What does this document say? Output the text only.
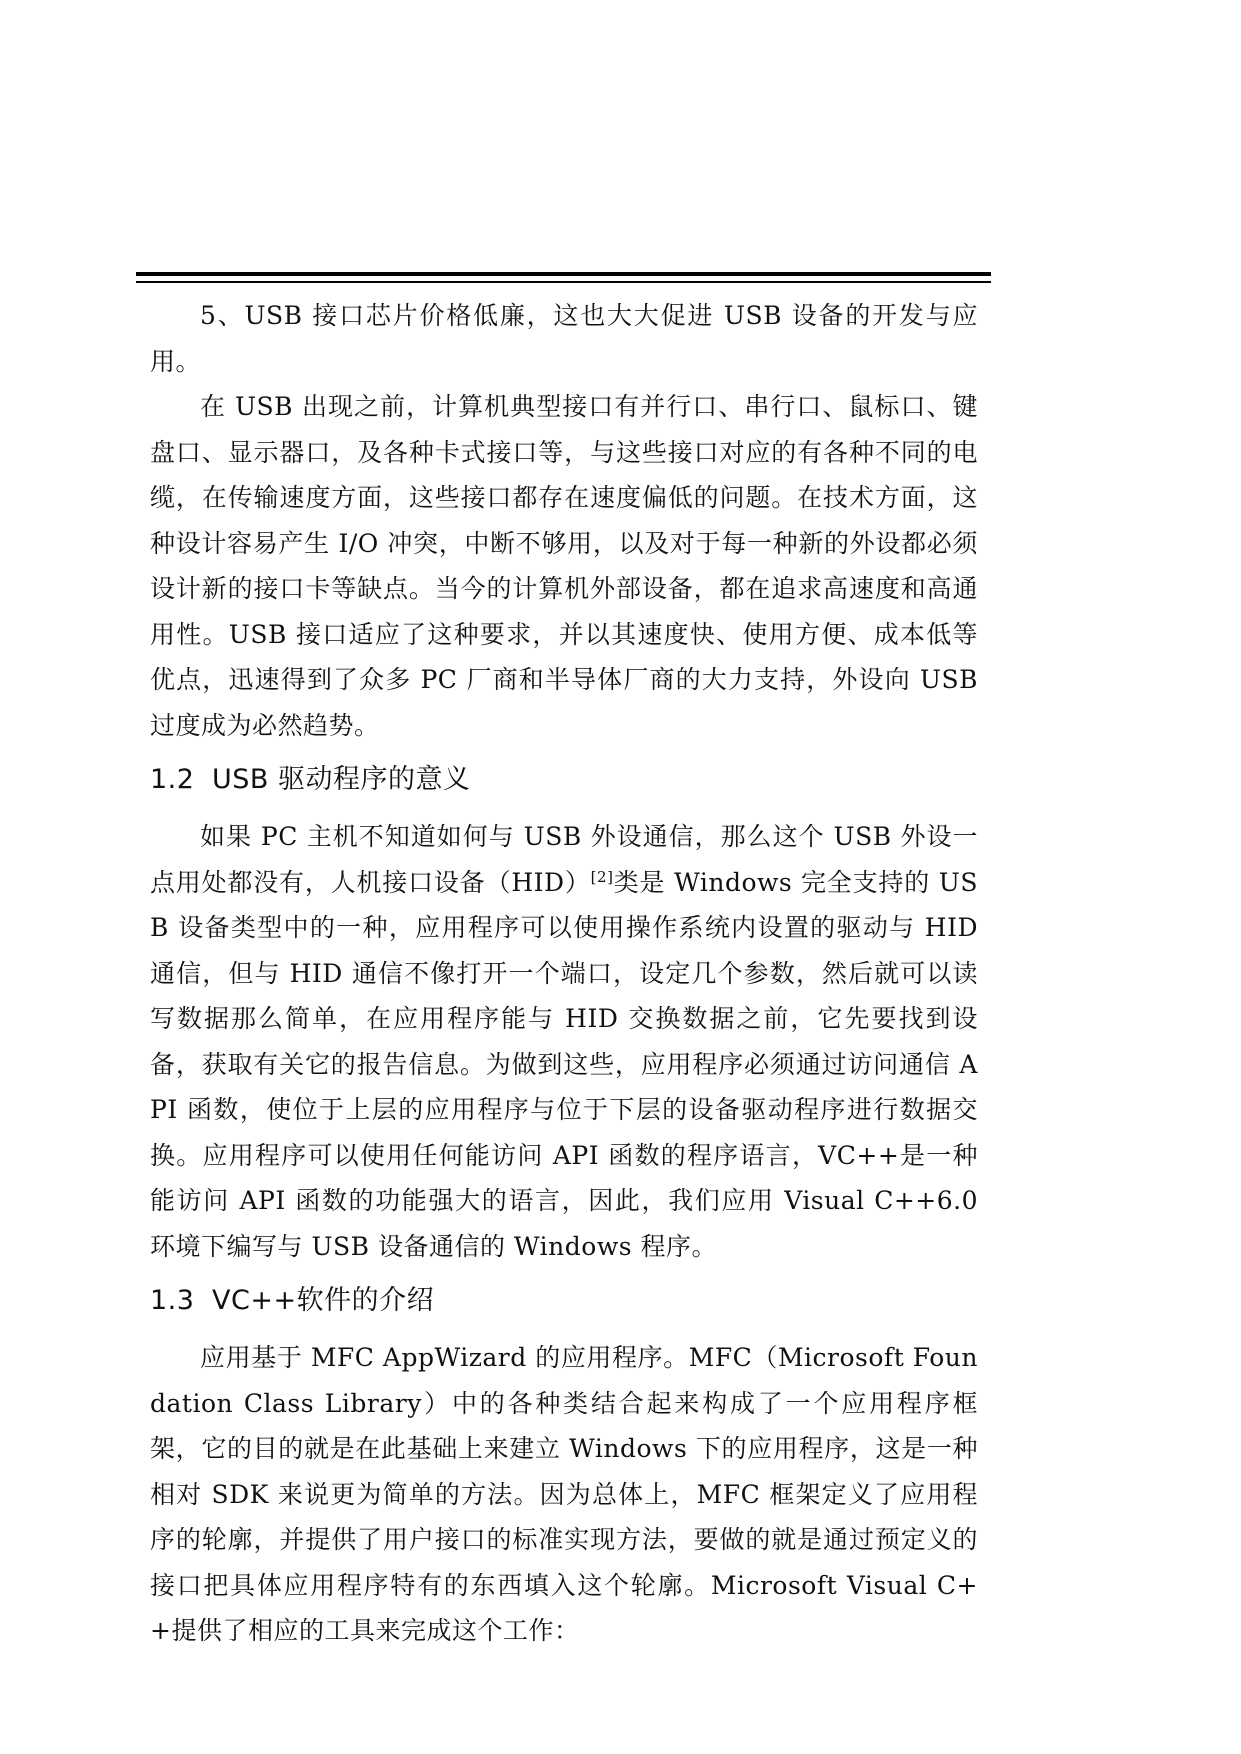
5、USB 接口芯片价格低廉，这也大大促进 USB 设备的开发与应用。

在 USB 出现之前，计算机典型接口有并行口、串行口、鼠标口、键盘口、显示器口，及各种卡式接口等，与这些接口对应的有各种不同的电缆，在传输速度方面，这些接口都存在速度偏低的问题。在技术方面，这种设计容易产生 I/O 冲突，中断不够用，以及对于每一种新的外设都必须设计新的接口卡等缺点。当今的计算机外部设备，都在追求高速度和高通用性。USB 接口适应了这种要求，并以其速度快、使用方便、成本低等优点，迅速得到了众多 PC 厂商和半导体厂商的大力支持，外设向 USB 过度成为必然趋势。

1.2 USB 驱动程序的意义

如果 PC 主机不知道如何与 USB 外设通信，那么这个 USB 外设一点用处都没有，人机接口设备（HID）[2]类是 Windows 完全支持的 USB 设备类型中的一种，应用程序可以使用操作系统内设置的驱动与 HID 通信，但与 HID 通信不像打开一个端口，设定几个参数，然后就可以读写数据那么简单，在应用程序能与 HID 交换数据之前，它先要找到设备，获取有关它的报告信息。为做到这些，应用程序必须通过访问通信 API 函数，使位于上层的应用程序与位于下层的设备驱动程序进行数据交换。应用程序可以使用任何能访问 API 函数的程序语言，VC++是一种能访问 API 函数的功能强大的语言，因此，我们应用 Visual C++6.0 环境下编写与 USB 设备通信的 Windows 程序。

1.3 VC++软件的介绍

应用基于 MFC AppWizard 的应用程序。MFC（Microsoft Foundation Class Library）中的各种类结合起来构成了一个应用程序框架，它的目的就是在此基础上来建立 Windows 下的应用程序，这是一种相对 SDK 来说更为简单的方法。因为总体上，MFC 框架定义了应用程序的轮廓，并提供了用户接口的标准实现方法，要做的就是通过预定义的接口把具体应用程序特有的东西填入这个轮廓。Microsoft Visual C++提供了相应的工具来完成这个工作：
